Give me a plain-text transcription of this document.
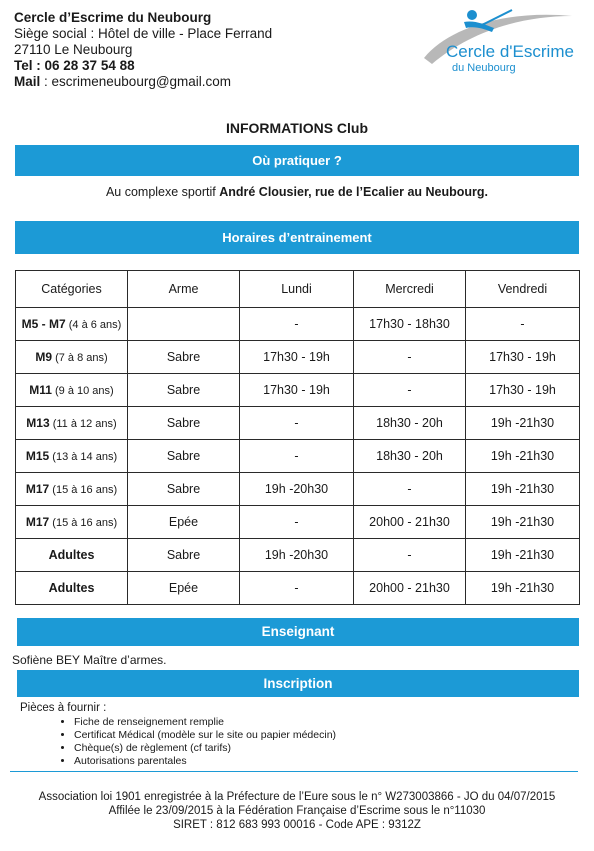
Cercle d’Escrime du Neubourg
Siège social : Hôtel de ville - Place Ferrand
27110 Le Neubourg
Tel : 06 28 37 54 88
Mail : escrimeneubourg@gmail.com
Cercle d'Escrime
du Neubourg
INFORMATIONS Club
Où pratiquer ?
Au complexe sportif André Clousier, rue de l’Ecalier au Neubourg.
Horaires d’entrainement
Catégories	Arme	Lundi	Mercredi	Vendredi
M5 - M7 (4 à 6 ans)		-	17h30 - 18h30	-
M9 (7 à 8 ans)	Sabre	17h30 - 19h	-	17h30 - 19h
M11 (9 à 10 ans)	Sabre	17h30 - 19h	-	17h30 - 19h
M13 (11 à 12 ans)	Sabre	-	18h30 - 20h	19h -21h30
M15 (13 à 14 ans)	Sabre	-	18h30 - 20h	19h -21h30
M17 (15 à 16 ans)	Sabre	19h -20h30	-	19h -21h30
M17 (15 à 16 ans)	Epée	-	20h00 - 21h30	19h -21h30
Adultes	Sabre	19h -20h30	-	19h -21h30
Adultes	Epée	-	20h00 - 21h30	19h -21h30
Enseignant
Sofiène BEY Maître d’armes.
Inscription
Pièces à fournir :
• Fiche de renseignement remplie
• Certificat Médical (modèle sur le site ou papier médecin)
• Chèque(s) de règlement (cf tarifs)
• Autorisations parentales
Association loi 1901 enregistrée à la Préfecture de l’Eure sous le n° W273003866 - JO du 04/07/2015
Affilée le 23/09/2015 à la Fédération Française d’Escrime sous le n°11030
SIRET : 812 683 993 00016 - Code APE : 9312Z
